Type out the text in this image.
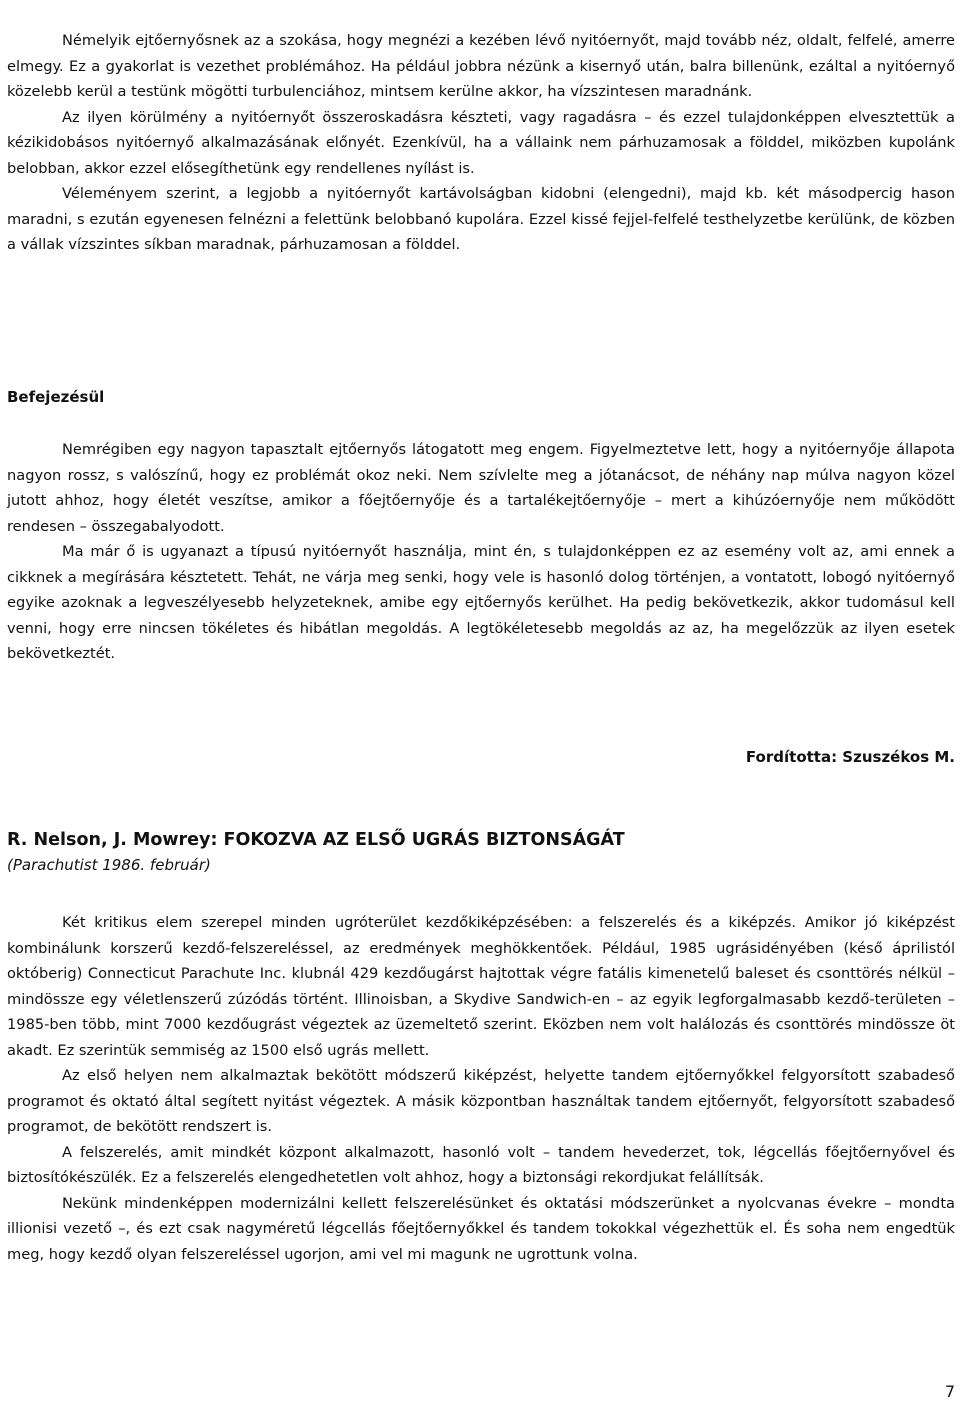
Némelyik ejtőernyősnek az a szokása, hogy megnézi a kezében lévő nyitóernyőt, majd tovább néz, oldalt, felfelé, amerre elmegy. Ez a gyakorlat is vezethet problémához. Ha például jobbra nézünk a kisernyő után, balra billenünk, ezáltal a nyitóernyő közelebb kerül a testünk mögötti turbulenciához, mintsem kerülne akkor, ha vízszintesen maradnánk.

Az ilyen körülmény a nyitóernyőt összeroskadásra készteti, vagy ragadásra – és ezzel tulajdonképpen elvesztettük a kézikidobásos nyitóernyő alkalmazásának előnyét. Ezenkívül, ha a vállaink nem párhuzamosak a földdel, miközben kupolánk belobban, akkor ezzel elősegíthetünk egy rendellenes nyílást is.

Véleményem szerint, a legjobb a nyitóernyőt kartávolságban kidobni (elengedni), majd kb. két másodpercig hason maradni, s ezután egyenesen felnézni a felettünk belobbanó kupolára. Ezzel kissé fejjel-felfelé testhelyzetbe kerülünk, de közben a vállak vízszintes síkban maradnak, párhuzamosan a földdel.

Befejezésül

Nemrégiben egy nagyon tapasztalt ejtőernyős látogatott meg engem. Figyelmeztetve lett, hogy a nyitóernyője állapota nagyon rossz, s valószínű, hogy ez problémát okoz neki. Nem szívlelte meg a jótanácsot, de néhány nap múlva nagyon közel jutott ahhoz, hogy életét veszítse, amikor a főejtőernyője és a tartalékejtőernyője – mert a kihúzóernyője nem működött rendesen – összegabalyodott.

Ma már ő is ugyanazt a típusú nyitóernyőt használja, mint én, s tulajdonképpen ez az esemény volt az, ami ennek a cikknek a megírására késztetett. Tehát, ne várja meg senki, hogy vele is hasonló dolog történjen, a vontatott, lobogó nyitóernyő egyike azoknak a legveszélyesebb helyzeteknek, amibe egy ejtőernyős kerülhet. Ha pedig bekövetkezik, akkor tudomásul kell venni, hogy erre nincsen tökéletes és hibátlan megoldás. A legtökéletesebb megoldás az az, ha megelőzzük az ilyen esetek bekövetkeztét.

Fordította: Szuszékos M.

R. Nelson, J. Mowrey: FOKOZVA AZ ELSŐ UGRÁS BIZTONSÁGÁT

(Parachutist 1986. február)

Két kritikus elem szerepel minden ugróterület kezdőkiképzésében: a felszerelés és a kiképzés. Amikor jó kiképzést kombinálunk korszerű kezdő-felszereléssel, az eredmények meghökkentőek. Például, 1985 ugrásidényében (késő áprilistól októberig) Connecticut Parachute Inc. klubnál 429 kezdőugárst hajtottak végre fatális kimenetelű baleset és csonttörés nélkül – mindössze egy véletlenszerű zúzódás történt. Illinoisban, a Skydive Sandwich-en – az egyik legforgalmasabb kezdő-területen – 1985-ben több, mint 7000 kezdőugrást végeztek az üzemeltető szerint. Eközben nem volt halálozás és csonttörés mindössze öt akadt. Ez szerintük semmiség az 1500 első ugrás mellett.

Az első helyen nem alkalmaztak bekötött módszerű kiképzést, helyette tandem ejtőernyőkkel felgyorsított szabadeső programot és oktató által segített nyitást végeztek. A másik központban használtak tandem ejtőernyőt, felgyorsított szabadeső programot, de bekötött rendszert is.

A felszerelés, amit mindkét központ alkalmazott, hasonló volt – tandem hevederzet, tok, légcellás főejtőernyővel és biztosítókészülék. Ez a felszerelés elengedhetetlen volt ahhoz, hogy a biztonsági rekordjukat felállítsák.

Nekünk mindenképpen modernizálni kellett felszerelésünket és oktatási módszerünket a nyolcvanas évekre – mondta illionisi vezető –, és ezt csak nagyméretű légcellás főejtőernyőkkel és tandem tokokkal végezhettük el. És soha nem engedtük meg, hogy kezdő olyan felszereléssel ugorjon, ami vel mi magunk ne ugrottunk volna.

7
